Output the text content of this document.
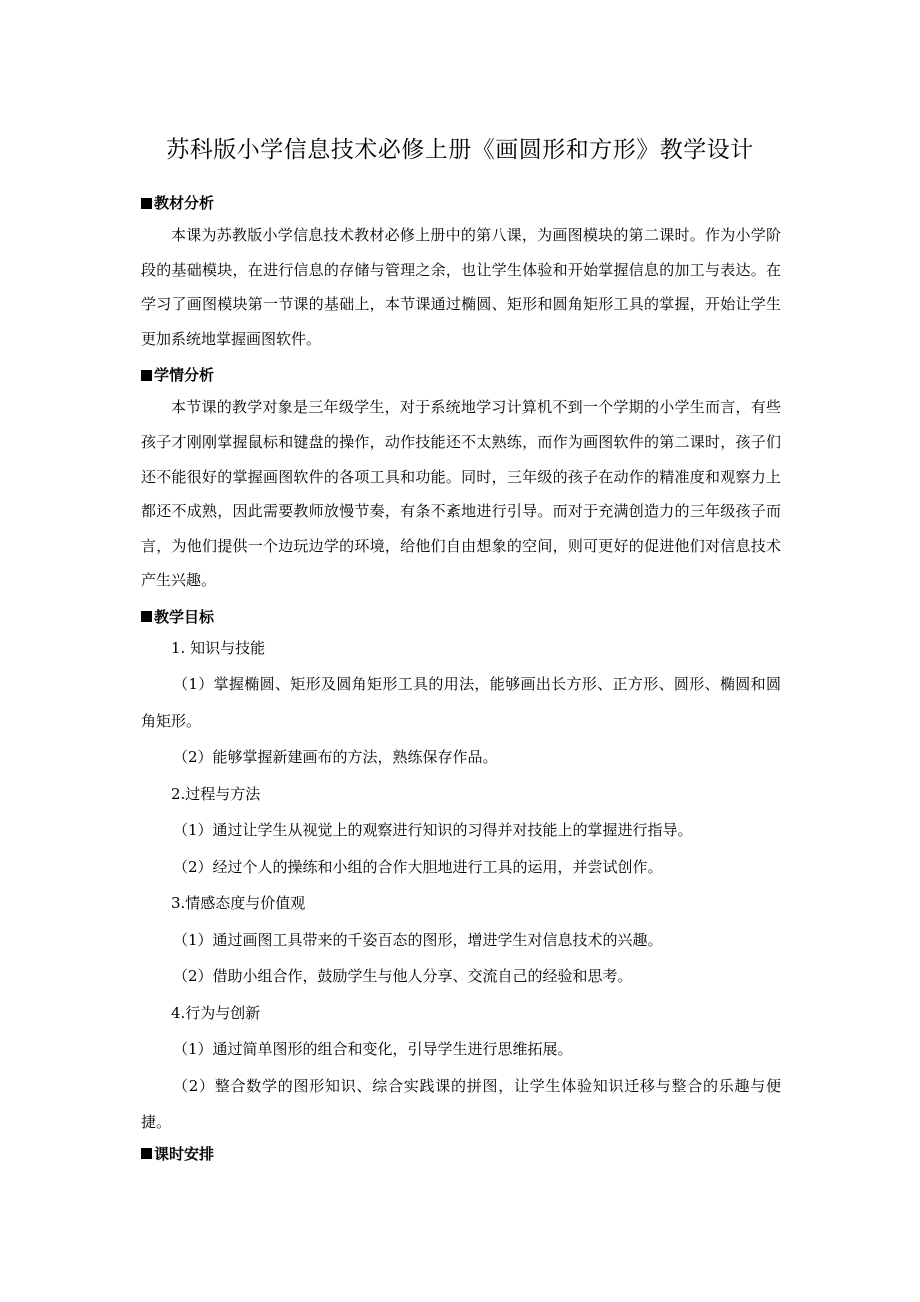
苏科版小学信息技术必修上册《画圆形和方形》教学设计
教材分析

本课为苏教版小学信息技术教材必修上册中的第八课，为画图模块的第二课时。作为小学阶段的基础模块，在进行信息的存储与管理之余，也让学生体验和开始掌握信息的加工与表达。在学习了画图模块第一节课的基础上，本节课通过椭圆、矩形和圆角矩形工具的掌握，开始让学生更加系统地掌握画图软件。

学情分析

本节课的教学对象是三年级学生，对于系统地学习计算机不到一个学期的小学生而言，有些孩子才刚刚掌握鼠标和键盘的操作，动作技能还不太熟练，而作为画图软件的第二课时，孩子们还不能很好的掌握画图软件的各项工具和功能。同时，三年级的孩子在动作的精准度和观察力上都还不成熟，因此需要教师放慢节奏，有条不紊地进行引导。而对于充满创造力的三年级孩子而言，为他们提供一个边玩边学的环境，给他们自由想象的空间，则可更好的促进他们对信息技术产生兴趣。

教学目标

1. 知识与技能

（1）掌握椭圆、矩形及圆角矩形工具的用法，能够画出长方形、正方形、圆形、椭圆和圆角矩形。

（2）能够掌握新建画布的方法，熟练保存作品。

2.过程与方法

（1）通过让学生从视觉上的观察进行知识的习得并对技能上的掌握进行指导。

（2）经过个人的操练和小组的合作大胆地进行工具的运用，并尝试创作。

3.情感态度与价值观

（1）通过画图工具带来的千姿百态的图形，增进学生对信息技术的兴趣。

（2）借助小组合作，鼓励学生与他人分享、交流自己的经验和思考。

4.行为与创新

（1）通过简单图形的组合和变化，引导学生进行思维拓展。

（2）整合数学的图形知识、综合实践课的拼图，让学生体验知识迁移与整合的乐趣与便捷。

课时安排
